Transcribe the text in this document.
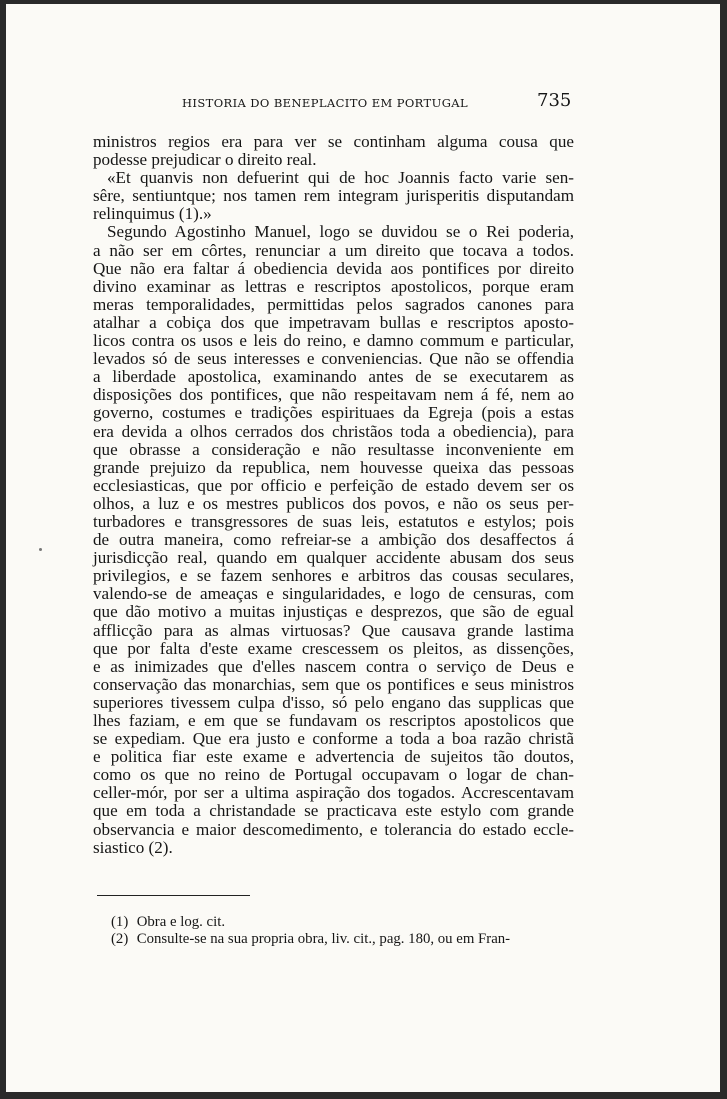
HISTORIA DO BENEPLACITO EM PORTUGAL	735
ministros regios era para ver se continham alguma cousa que
podesse prejudicar o direito real.
«Et quanvis non defuerint qui de hoc Joannis facto varie sen-
sêre, sentiuntque; nos tamen rem integram jurisperitis disputandam
relinquimus (1).»
Segundo Agostinho Manuel, logo se duvidou se o Rei poderia,
a não ser em côrtes, renunciar a um direito que tocava a todos.
Que não era faltar á obediencia devida aos pontifices por direito
divino examinar as lettras e rescriptos apostolicos, porque eram
meras temporalidades, permittidas pelos sagrados canones para
atalhar a cobiça dos que impetravam bullas e rescriptos aposto-
licos contra os usos e leis do reino, e damno commum e particular,
levados só de seus interesses e conveniencias. Que não se offendia
a liberdade apostolica, examinando antes de se executarem as
disposições dos pontifices, que não respeitavam nem á fé, nem ao
governo, costumes e tradições espirituaes da Egreja (pois a estas
era devida a olhos cerrados dos christãos toda a obediencia), para
que obrasse a consideração e não resultasse inconveniente em
grande prejuizo da republica, nem houvesse queixa das pessoas
ecclesiasticas, que por officio e perfeição de estado devem ser os
olhos, a luz e os mestres publicos dos povos, e não os seus per-
turbadores e transgressores de suas leis, estatutos e estylos; pois
de outra maneira, como refreiar-se a ambição dos desaffectos á
jurisdicção real, quando em qualquer accidente abusam dos seus
privilegios, e se fazem senhores e arbitros das cousas seculares,
valendo-se de ameaças e singularidades, e logo de censuras, com
que dão motivo a muitas injustiças e desprezos, que são de egual
afflicção para as almas virtuosas? Que causava grande lastima
que por falta d'este exame crescessem os pleitos, as dissenções,
e as inimizades que d'elles nascem contra o serviço de Deus e
conservação das monarchias, sem que os pontifices e seus ministros
superiores tivessem culpa d'isso, só pelo engano das supplicas que
lhes faziam, e em que se fundavam os rescriptos apostolicos que
se expediam. Que era justo e conforme a toda a boa razão christã
e politica fiar este exame e advertencia de sujeitos tão doutos,
como os que no reino de Portugal occupavam o logar de chan-
celler-mór, por ser a ultima aspiração dos togados. Accrescentavam
que em toda a christandade se practicava este estylo com grande
observancia e maior descomedimento, e tolerancia do estado eccle-
siastico (2).
(1) Obra e log. cit.
(2) Consulte-se na sua propria obra, liv. cit., pag. 180, ou em Fran-
